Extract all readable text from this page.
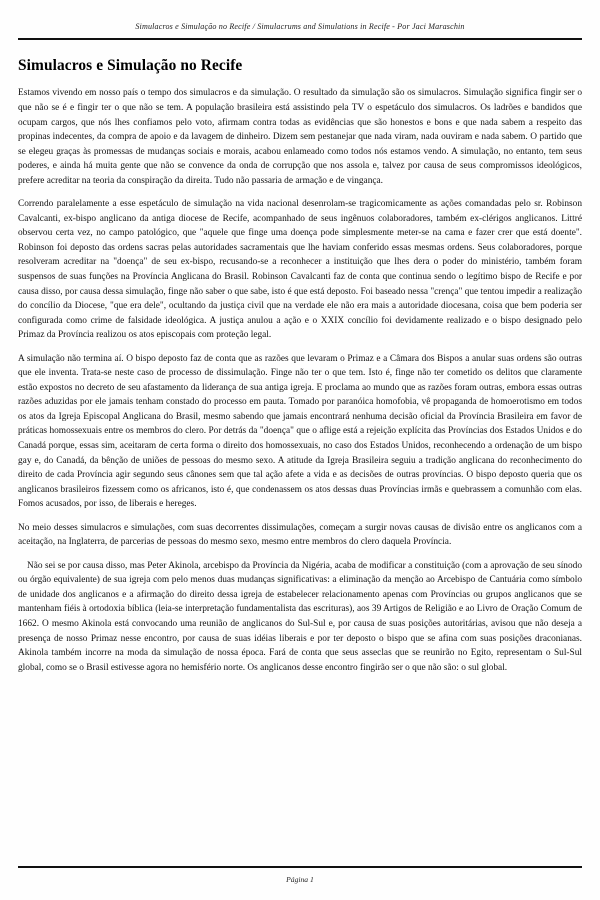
Simulacros e Simulação no Recife / Simulacrums and Simulations in Recife - Por Jaci Maraschin
Simulacros e Simulação no Recife

Estamos vivendo em nosso país o tempo dos simulacros e da simulação. O resultado da simulação são os simulacros. Simulação significa fingir ser o que não se é e fingir ter o que não se tem. A população brasileira está assistindo pela TV o espetáculo dos simulacros. Os ladrões e bandidos que ocupam cargos, que nós lhes confiamos pelo voto, afirmam contra todas as evidências que são honestos e bons e que nada sabem a respeito das propinas indecentes, da compra de apoio e da lavagem de dinheiro. Dizem sem pestanejar que nada viram, nada ouviram e nada sabem. O partido que se elegeu graças às promessas de mudanças sociais e morais, acabou enlameado como todos nós estamos vendo. A simulação, no entanto, tem seus poderes, e ainda há muita gente que não se convence da onda de corrupção que nos assola e, talvez por causa de seus compromissos ideológicos, prefere acreditar na teoria da conspiração da direita. Tudo não passaria de armação e de vingança.

Correndo paralelamente a esse espetáculo de simulação na vida nacional desenrolam-se tragicomicamente as ações comandadas pelo sr. Robinson Cavalcanti, ex-bispo anglicano da antiga diocese de Recife, acompanhado de seus ingênuos colaboradores, também ex-clérigos anglicanos. Littré observou certa vez, no campo patológico, que "aquele que finge uma doença pode simplesmente meter-se na cama e fazer crer que está doente". Robinson foi deposto das ordens sacras pelas autoridades sacramentais que lhe haviam conferido essas mesmas ordens. Seus colaboradores, porque resolveram acreditar na "doença" de seu ex-bispo, recusando-se a reconhecer a instituição que lhes dera o poder do ministério, também foram suspensos de suas funções na Província Anglicana do Brasil. Robinson Cavalcanti faz de conta que continua sendo o legítimo bispo de Recife e por causa disso, por causa dessa simulação, finge não saber o que sabe, isto é que está deposto. Foi baseado nessa "crença" que tentou impedir a realização do concílio da Diocese, "que era dele", ocultando da justiça civil que na verdade ele não era mais a autoridade diocesana, coisa que bem poderia ser configurada como crime de falsidade ideológica. A justiça anulou a ação e o XXIX concílio foi devidamente realizado e o bispo designado pelo Primaz da Província realizou os atos episcopais com proteção legal.

A simulação não termina aí. O bispo deposto faz de conta que as razões que levaram o Primaz e a Câmara dos Bispos a anular suas ordens são outras que ele inventa. Trata-se neste caso de processo de dissimulação. Finge não ter o que tem. Isto é, finge não ter cometido os delitos que claramente estão expostos no decreto de seu afastamento da liderança de sua antiga igreja. E proclama ao mundo que as razões foram outras, embora essas outras razões aduzidas por ele jamais tenham constado do processo em pauta. Tomado por paranóica homofobia, vê propaganda de homoerotismo em todos os atos da Igreja Episcopal Anglicana do Brasil, mesmo sabendo que jamais encontrará nenhuma decisão oficial da Província Brasileira em favor de práticas homossexuais entre os membros do clero. Por detrás da "doença" que o aflige está a rejeição explícita das Províncias dos Estados Unidos e do Canadá porque, essas sim, aceitaram de certa forma o direito dos homossexuais, no caso dos Estados Unidos, reconhecendo a ordenação de um bispo gay e, do Canadá, da bênção de uniões de pessoas do mesmo sexo. A atitude da Igreja Brasileira seguiu a tradição anglicana do reconhecimento do direito de cada Província agir segundo seus cânones sem que tal ação afete a vida e as decisões de outras províncias. O bispo deposto queria que os anglicanos brasileiros fizessem como os africanos, isto é, que condenassem os atos dessas duas Províncias irmãs e quebrassem a comunhão com elas. Fomos acusados, por isso, de liberais e hereges.

No meio desses simulacros e simulações, com suas decorrentes dissimulações, começam a surgir novas causas de divisão entre os anglicanos com a aceitação, na Inglaterra, de parcerias de pessoas do mesmo sexo, mesmo entre membros do clero daquela Província.

Não sei se por causa disso, mas Peter Akinola, arcebispo da Província da Nigéria, acaba de modificar a constituição (com a aprovação de seu sínodo ou órgão equivalente) de sua igreja com pelo menos duas mudanças significativas: a eliminação da menção ao Arcebispo de Cantuária como símbolo de unidade dos anglicanos e a afirmação do direito dessa igreja de estabelecer relacionamento apenas com Províncias ou grupos anglicanos que se mantenham fiéis à ortodoxia bíblica (leia-se interpretação fundamentalista das escrituras), aos 39 Artigos de Religião e ao Livro de Oração Comum de 1662. O mesmo Akinola está convocando uma reunião de anglicanos do Sul-Sul e, por causa de suas posições autoritárias, avisou que não deseja a presença de nosso Primaz nesse encontro, por causa de suas idéias liberais e por ter deposto o bispo que se afina com suas posições draconianas. Akinola também incorre na moda da simulação de nossa época. Fará de conta que seus asseclas que se reunirão no Egito, representam o Sul-Sul global, como se o Brasil estivesse agora no hemisfério norte. Os anglicanos desse encontro fingirão ser o que não são: o sul global.

Página 1
